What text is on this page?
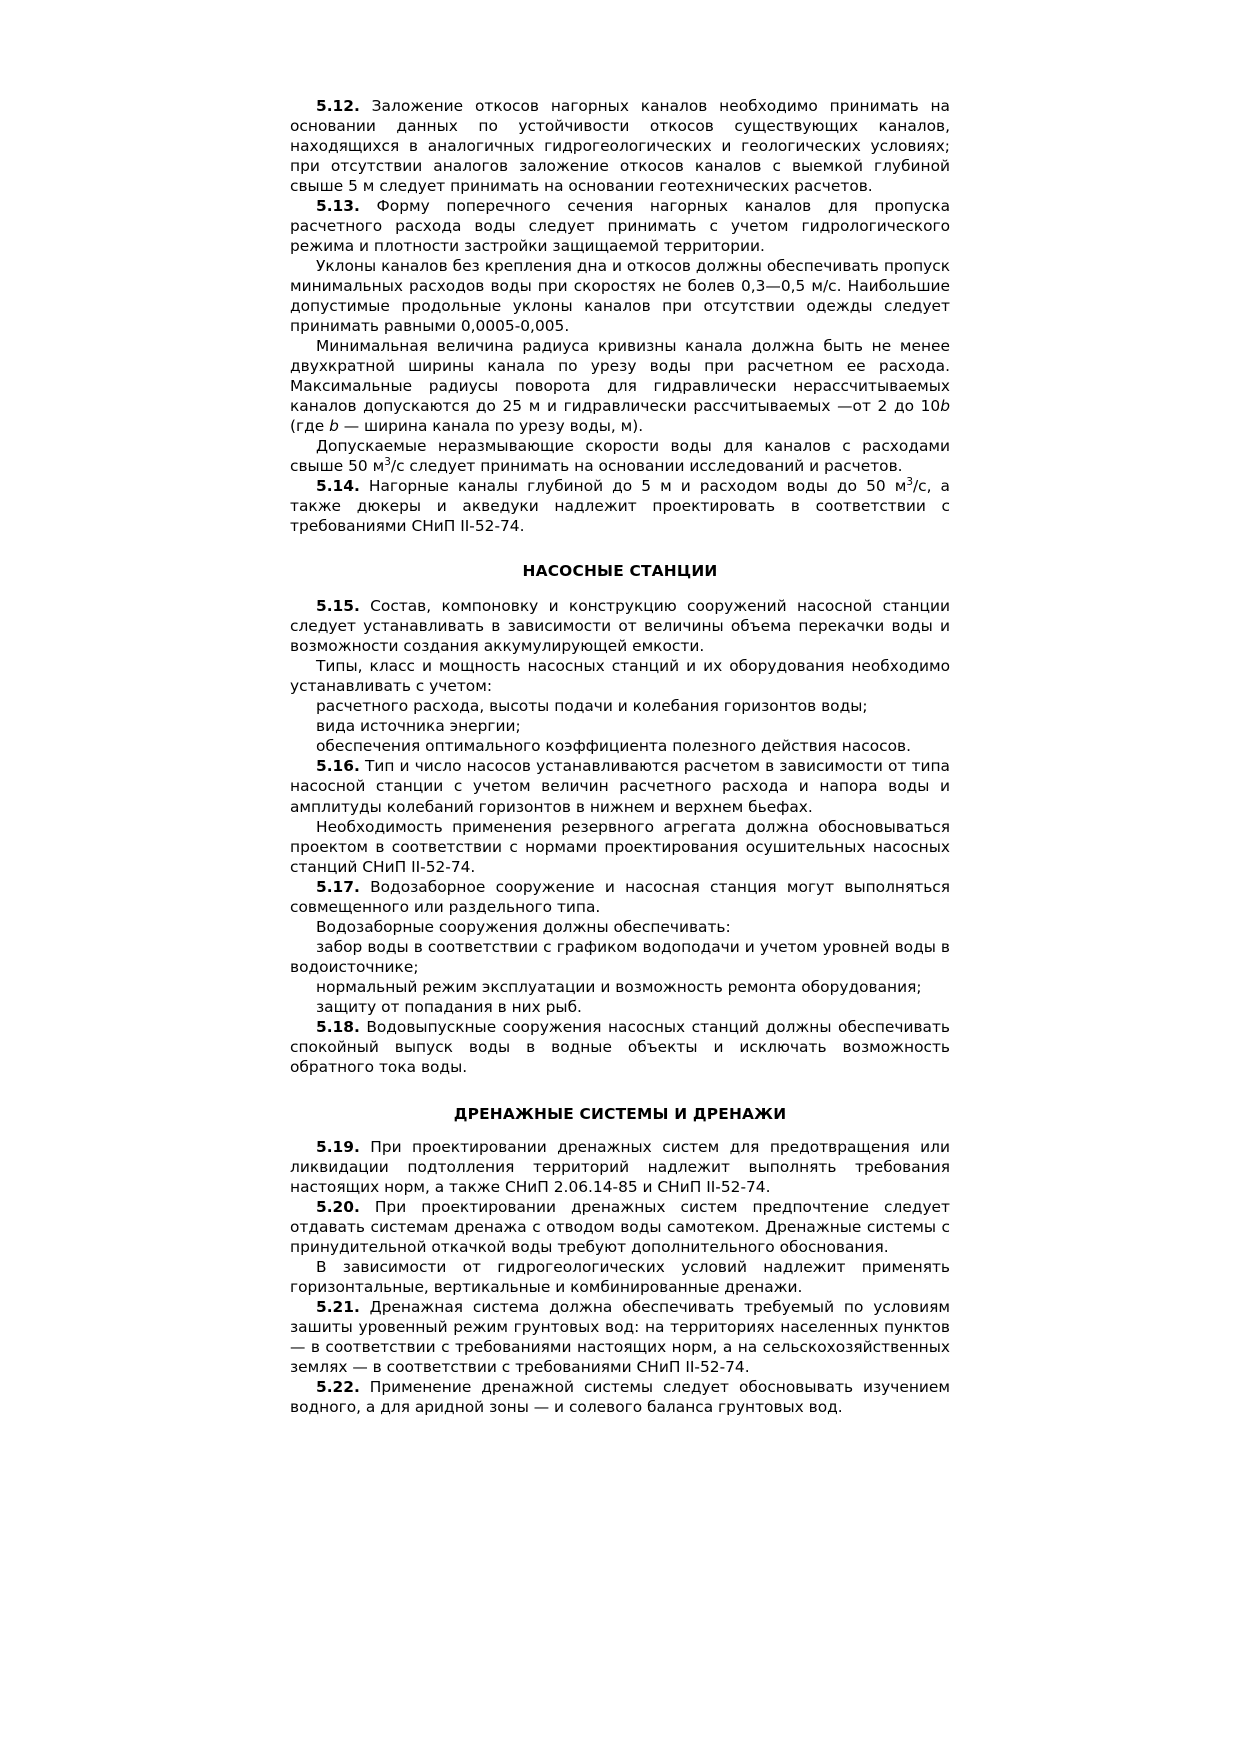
5.12. Заложение откосов нагорных каналов необходимо принимать на основании данных по устойчивости откосов существующих каналов, находящихся в аналогичных гидрогеологических и геологических условиях; при отсутствии аналогов заложение откосов каналов с выемкой глубиной свыше 5 м следует принимать на основании геотехнических расчетов.

5.13. Форму поперечного сечения нагорных каналов для пропуска расчетного расхода воды следует принимать с учетом гидрологического режима и плотности застройки защищаемой территории.

Уклоны каналов без крепления дна и откосов должны обеспечивать пропуск минимальных расходов воды при скоростях не болев 0,3—0,5 м/с. Наибольшие допустимые продольные уклоны каналов при отсутствии одежды следует принимать равными 0,0005-0,005.

Минимальная величина радиуса кривизны канала должна быть не менее двухкратной ширины канала по урезу воды при расчетном ее расхода. Максимальные радиусы поворота для гидравлически нерассчитываемых каналов допускаются до 25 м и гидравлически рассчитываемых —от 2 до 10b (где b — ширина канала по урезу воды, м).

Допускаемые неразмывающие скорости воды для каналов с расходами свыше 50 $м^3/с$ следует принимать на основании исследований и расчетов.

5.14. Нагорные каналы глубиной до 5 м и расходом воды до 50 $м^3/с$, а также дюкеры и акведуки надлежит проектировать в соответствии с требованиями СНиП II-52-74.

НАСОСНЫЕ СТАНЦИИ

5.15. Состав, компоновку и конструкцию сооружений насосной станции следует устанавливать в зависимости от величины объема перекачки воды и возможности создания аккумулирующей емкости.

Типы, класс и мощность насосных станций и их оборудования необходимо устанавливать с учетом:

расчетного расхода, высоты подачи и колебания горизонтов воды;

вида источника энергии;

обеспечения оптимального коэффициента полезного действия насосов.

5.16. Тип и число насосов устанавливаются расчетом в зависимости от типа насосной станции с учетом величин расчетного расхода и напора воды и амплитуды колебаний горизонтов в нижнем и верхнем бьефах.

Необходимость применения резервного агрегата должна обосновываться проектом в соответствии с нормами проектирования осушительных насосных станций СНиП II-52-74.

5.17. Водозаборное сооружение и насосная станция могут выполняться совмещенного или раздельного типа.

Водозаборные сооружения должны обеспечивать:

забор воды в соответствии с графиком водоподачи и учетом уровней воды в водоисточнике;

нормальный режим эксплуатации и возможность ремонта оборудования;

защиту от попадания в них рыб.

5.18. Водовыпускные сооружения насосных станций должны обеспечивать спокойный выпуск воды в водные объекты и исключать возможность обратного тока воды.

ДРЕНАЖНЫЕ СИСТЕМЫ И ДРЕНАЖИ

5.19. При проектировании дренажных систем для предотвращения или ликвидации подтолления территорий надлежит выполнять требования настоящих норм, а также СНиП 2.06.14-85 и СНиП II-52-74.

5.20. При проектировании дренажных систем предпочтение следует отдавать системам дренажа с отводом воды самотеком. Дренажные системы с принудительной откачкой воды требуют дополнительного обоснования.

В зависимости от гидрогеологических условий надлежит применять горизонтальные, вертикальные и комбинированные дренажи.

5.21. Дренажная система должна обеспечивать требуемый по условиям зашиты уровенный режим грунтовых вод: на территориях населенных пунктов — в соответствии с требованиями настоящих норм, а на сельскохозяйственных землях — в соответствии с требованиями СНиП II-52-74.

5.22. Применение дренажной системы следует обосновывать изучением водного, а для аридной зоны — и солевого баланса грунтовых вод.
